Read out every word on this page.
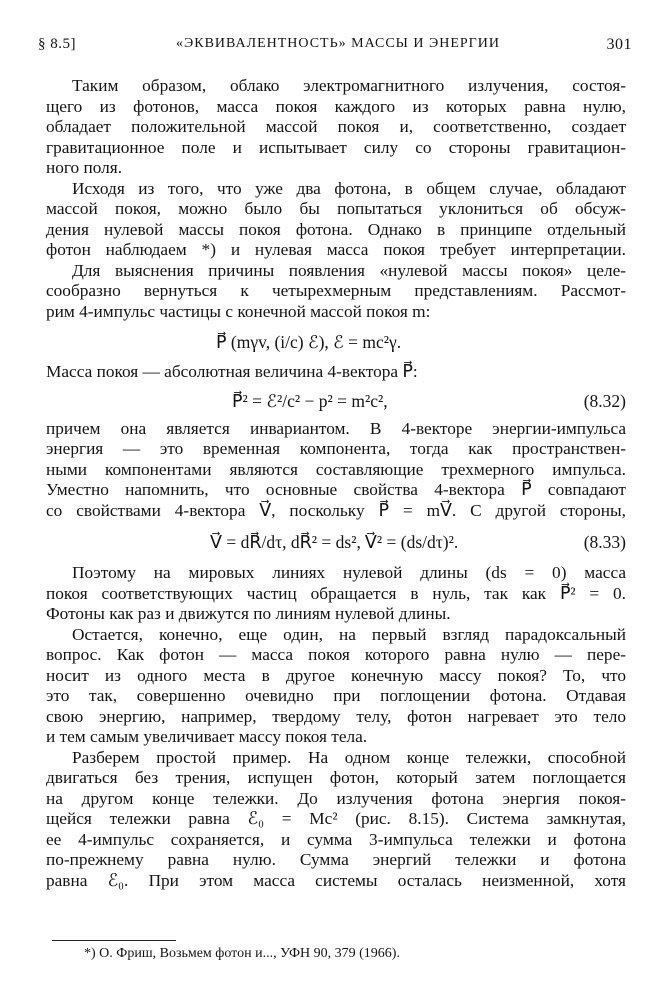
§ 8.5]	«ЭКВИВАЛЕНТНОСТЬ» МАССЫ И ЭНЕРГИИ	301
Таким образом, облако электромагнитного излучения, состоя-
щего из фотонов, масса покоя каждого из которых равна нулю,
обладает положительной массой покоя и, соответственно, создает
гравитационное поле и испытывает силу со стороны гравитацион-
ного поля.
Исходя из того, что уже два фотона, в общем случае, обладают
массой покоя, можно было бы попытаться уклониться об обсуж-
дения нулевой массы покоя фотона. Однако в принципе отдельный
фотон наблюдаем *) и нулевая масса покоя требует интерпретации.
Для выяснения причины появления «нулевой массы покоя» целе-
сообразно вернуться к четырехмерным представлениям. Рассмот-
рим 4-импульс частицы с конечной массой покоя m:
P⃗ (mγv, (i/c) ℰ), ℰ = mc²γ.
Масса покоя — абсолютная величина 4-вектора P⃗:
P⃗² = ℰ²/c² − p² = m²c²,	(8.32)
причем она является инвариантом. В 4-векторе энергии-импульса
энергия — это временная компонента, тогда как пространствен-
ными компонентами являются составляющие трехмерного импульса.
Уместно напомнить, что основные свойства 4-вектора P⃗ совпадают
со свойствами 4-вектора V⃗, поскольку P⃗ = mV⃗. С другой стороны,
V⃗ = dR⃗/dτ, dR⃗² = ds², V⃗² = (ds/dτ)².	(8.33)
Поэтому на мировых линиях нулевой длины (ds = 0) масса
покоя соответствующих частиц обращается в нуль, так как P⃗² = 0.
Фотоны как раз и движутся по линиям нулевой длины.
Остается, конечно, еще один, на первый взгляд парадоксальный
вопрос. Как фотон — масса покоя которого равна нулю — пере-
носит из одного места в другое конечную массу покоя? То, что
это так, совершенно очевидно при поглощении фотона. Отдавая
свою энергию, например, твердому телу, фотон нагревает это тело
и тем самым увеличивает массу покоя тела.
Разберем простой пример. На одном конце тележки, способной
двигаться без трения, испущен фотон, который затем поглощается
на другом конце тележки. До излучения фотона энергия покоя-
щейся тележки равна ℰ₀ = Mc² (рис. 8.15). Система замкнутая,
ее 4-импульс сохраняется, и сумма 3-импульса тележки и фотона
по-прежнему равна нулю. Сумма энергий тележки и фотона
равна ℰ₀. При этом масса системы осталась неизменной, хотя
*) О. Фриш, Возьмем фотон и..., УФН 90, 379 (1966).
